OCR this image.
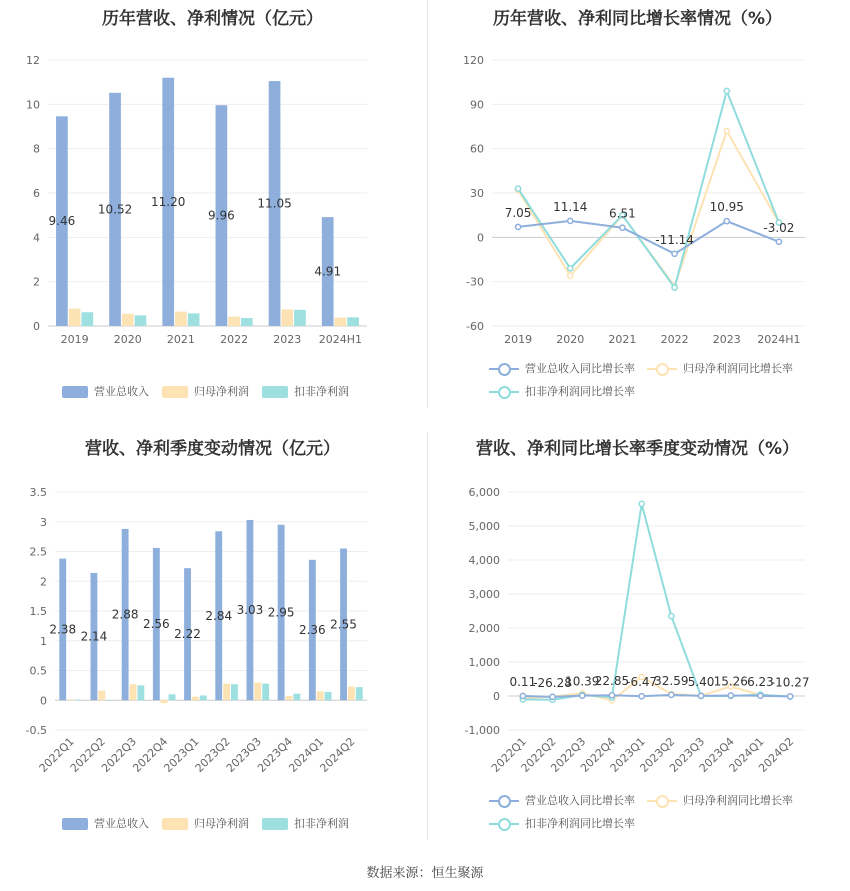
历年营收、净利情况（亿元）
0
2
4
6
8
10
12
2019 2020 2021 2022 2023 2024H1
9.46
10.52
11.20
9.96
11.05
4.91
营业总收入	归母净利润	扣非净利润
历年营收、净利同比增长率情况（%）
-60
-30
0
30
60
90
120
2019 2020 2021 2022 2023 2024H1
7.05 11.14 6.51
-11.14
10.95
-3.02
营业总收入同比增长率	归母净利润同比增长率
扣非净利润同比增长率
营收、净利季度变动情况（亿元）
-0.5
0
0.5
1
1.5
2
2.5
3
3.5
2022Q1
2022Q2
2022Q3
2022Q4
2023Q1
2023Q2
2023Q3
2023Q4
2024Q1
2024Q2
2.38
2.14
2.88
2.56
2.22
2.84 3.03 2.95
2.36 2.55
营业总收入	归母净利润	扣非净利润
营收、净利同比增长率季度变动情况（%）
-1,000
0
1,000
2,000
3,000
4,000
5,000
6,000
2022Q1
2022Q2
2022Q3
2022Q4
2023Q1
2023Q2
2023Q3
2023Q4
2024Q1
2024Q2
0.11
-26.28
10.39
22.85
-6.47
32.59 5.40 15.26 6.23
-10.27
营业总收入同比增长率	归母净利润同比增长率
扣非净利润同比增长率
数据来源：恒生聚源
